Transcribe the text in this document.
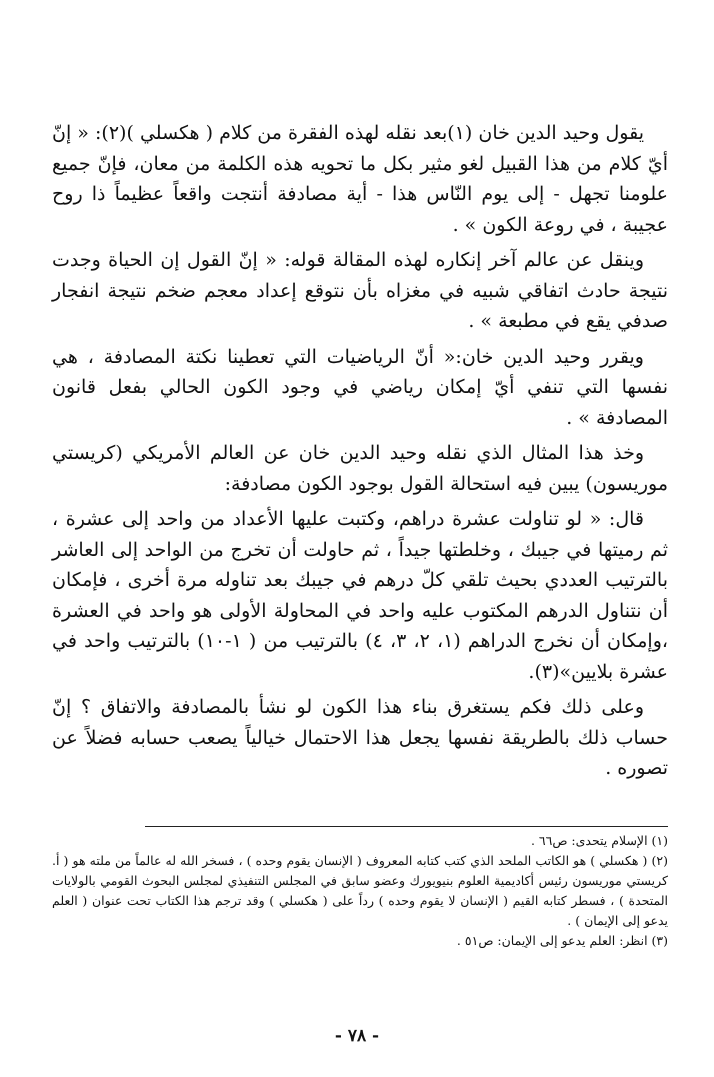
يقول وحيد الدين خان (١)بعد نقله لهذه الفقرة من كلام ( هكسلي )(٢): « إنّ أيّ كلام من هذا القبيل لغو مثير بكل ما تحويه هذه الكلمة من معان، فإنّ جميع علومنا تجهل - إلى يوم النّاس هذا - أية مصادفة أنتجت واقعاً عظيماً ذا روح عجيبة ، في روعة الكون » .

وينقل عن عالم آخر إنكاره لهذه المقالة قوله: « إنّ القول إن الحياة وجدت نتيجة حادث اتفاقي شبيه في مغزاه بأن نتوقع إعداد معجم ضخم نتيجة انفجار صدفي يقع في مطبعة » .

ويقرر وحيد الدين خان:« أنّ الرياضيات التي تعطينا نكتة المصادفة ، هي نفسها التي تنفي أيّ إمكان رياضي في وجود الكون الحالي بفعل قانون المصادفة » .

وخذ هذا المثال الذي نقله وحيد الدين خان عن العالم الأمريكي (كريستي موريسون) يبين فيه استحالة القول بوجود الكون مصادفة:

قال: « لو تناولت عشرة دراهم، وكتبت عليها الأعداد من واحد إلى عشرة ، ثم رميتها في جيبك ، وخلطتها جيداً ، ثم حاولت أن تخرج من الواحد إلى العاشر بالترتيب العددي بحيث تلقي كلّ درهم في جيبك بعد تناوله مرة أخرى ، فإمكان أن نتناول الدرهم المكتوب عليه واحد في المحاولة الأولى هو واحد في العشرة ،وإمكان أن نخرج الدراهم (١، ٢، ٣، ٤) بالترتيب من ( ١-١٠) بالترتيب واحد في عشرة بلايين»(٣).

وعلى ذلك فكم يستغرق بناء هذا الكون لو نشأ بالمصادفة والاتفاق ؟ إنّ حساب ذلك بالطريقة نفسها يجعل هذا الاحتمال خيالياً يصعب حسابه فضلاً عن تصوره .

(١) الإسلام يتحدى: ص٦٦ .

(٢) ( هكسلي ) هو الكاتب الملحد الذي كتب كتابه المعروف ( الإنسان يقوم وحده ) ، فسخر الله له عالماً من ملته هو ( أ. كريستي موريسون رئيس أكاديمية العلوم بنيويورك وعضو سابق في المجلس التنفيذي لمجلس البحوث القومي بالولايات المتحدة ) ، فسطر كتابه القيم ( الإنسان لا يقوم وحده ) رداً على ( هكسلي ) وقد ترجم هذا الكتاب تحت عنوان ( العلم يدعو إلى الإيمان ) .

(٣) انظر: العلم يدعو إلى الإيمان: ص٥١ .

- ٧٨ -
